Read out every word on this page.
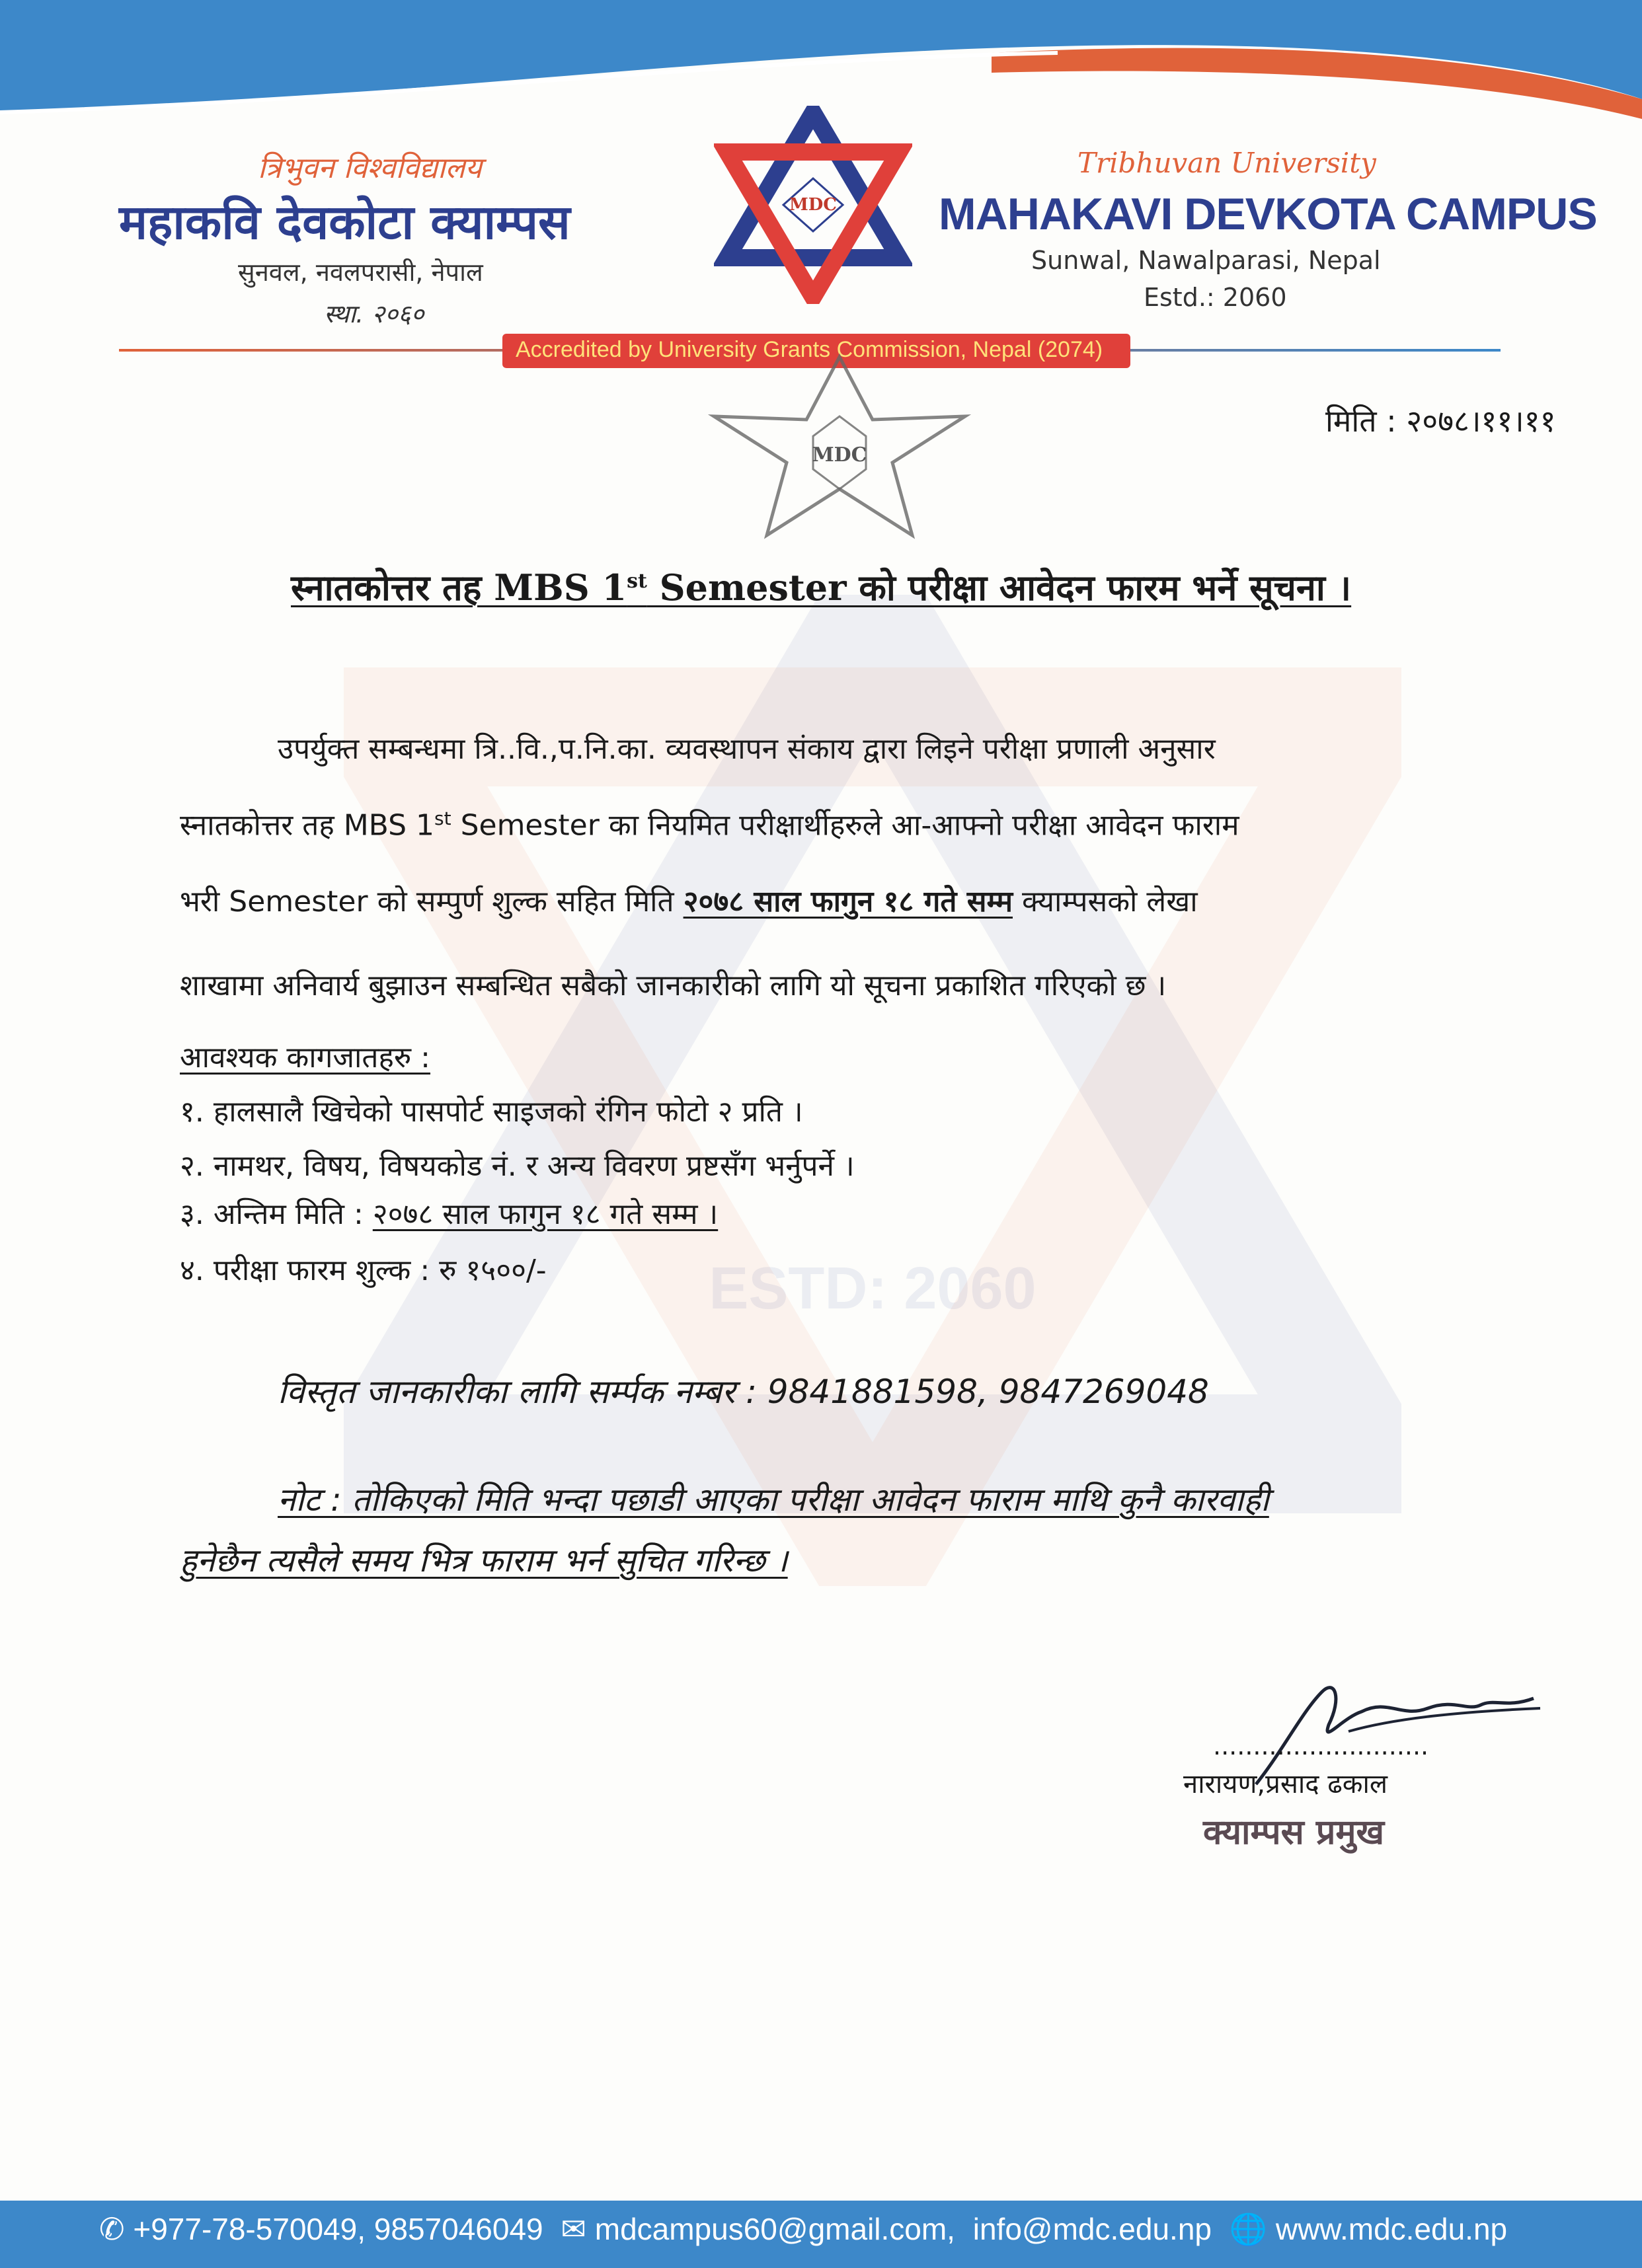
त्रिभुवन विश्वविद्यालय
महाकवि देवकोटा क्याम्पस
सुनवल, नवलपरासी, नेपाल
स्था. २०६०
MDC
Tribhuvan University
MAHAKAVI DEVKOTA CAMPUS
Sunwal, Nawalparasi, Nepal
Estd.: 2060
Accredited by University Grants Commission, Nepal (2074)
MDC
ESTD: 2060
मिति : २०७८।११।११
स्नातकोत्तर तह MBS 1st Semester को परीक्षा आवेदन फारम भर्ने सूचना ।
उपर्युक्त सम्बन्धमा त्रि..वि.,प.नि.का. व्यवस्थापन संकाय द्वारा लिइने परीक्षा प्रणाली अनुसार
स्नातकोत्तर तह MBS 1st Semester का नियमित परीक्षार्थीहरुले आ-आफ्नो परीक्षा आवेदन फाराम
भरी Semester को सम्पुर्ण शुल्क सहित मिति २०७८ साल फागुन १८ गते सम्म क्याम्पसको लेखा
शाखामा अनिवार्य बुझाउन सम्बन्धित सबैको जानकारीको लागि यो सूचना प्रकाशित गरिएको छ ।
आवश्यक कागजातहरु :
१. हालसालै खिचेको पासपोर्ट साइजको रंगिन फोटो २ प्रति ।
२. नामथर, विषय, विषयकोड नं. र अन्य विवरण प्रष्टसँग भर्नुपर्ने ।
३. अन्तिम मिति : २०७८ साल फागुन १८ गते सम्म ।
४. परीक्षा फारम शुल्क : रु १५००/-
विस्तृत जानकारीका लागि सर्म्पक नम्बर : 9841881598, 9847269048
नोट : तोकिएको मिति भन्दा पछाडी आएका परीक्षा आवेदन फाराम माथि कुनै कारवाही
हुनेछैन त्यसैले समय भित्र फाराम भर्न सुचित गरिन्छ ।
...........................
नारायण,प्रसाद ढकाल
क्याम्पस प्रमुख
✆ +977-78-570049, 9857046049 ✉ mdcampus60@gmail.com, info@mdc.edu.np 🌐 www.mdc.edu.np
